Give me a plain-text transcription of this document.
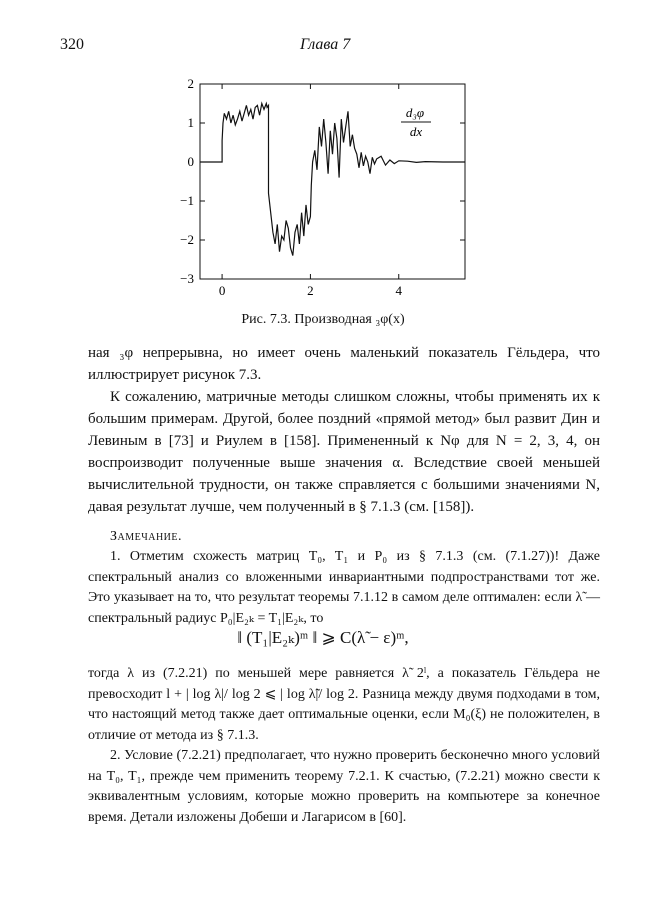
320	Глава 7
−3
−2
−1
0
1
2
0	2	4
d₃φ
dx
Рис. 7.3. Производная ₃φ(x)
ная ₃φ непрерывна, но имеет очень маленький показатель Гёльдера, что иллюстрирует рисунок 7.3.
К сожалению, матричные методы слишком сложны, чтобы применять их к большим примерам. Другой, более поздний «прямой метод» был развит Дин и Левиным в [73] и Риулем в [158]. Примененный к Nφ для N = 2, 3, 4, он воспроизводит полученные выше значения α. Вследствие своей меньшей вычислительной трудности, он также справляется с большими значениями N, давая результат лучше, чем полученный в § 7.1.3 (см. [158]).
Замечание.
1. Отметим схожесть матриц T₀, T₁ и P₀ из § 7.1.3 (см. (7.1.27))! Даже спектральный анализ со вложенными инвариантными подпространствами тот же. Это указывает на то, что результат теоремы 7.1.12 в самом деле оптимален: если λ̃ — спектральный радиус P₀|E₂ₖ = T₁|E₂ₖ, то
‖ (T₁|E₂ₖ)ᵐ ‖ ⩾ C(λ̃ − ε)ᵐ,
тогда λ из (7.2.21) по меньшей мере равняется λ̃ 2ˡ, а показатель Гёльдера не превосходит l + | log λ|/ log 2 ⩽ | log λ̃|/ log 2. Разница между двумя подходами в том, что настоящий метод также дает оптимальные оценки, если M₀(ξ) не положителен, в отличие от метода из § 7.1.3.
2. Условие (7.2.21) предполагает, что нужно проверить бесконечно много условий на T₀, T₁, прежде чем применить теорему 7.2.1. К счастью, (7.2.21) можно свести к эквивалентным условиям, которые можно проверить на компьютере за конечное время. Детали изложены Добеши и Лагарисом в [60].
